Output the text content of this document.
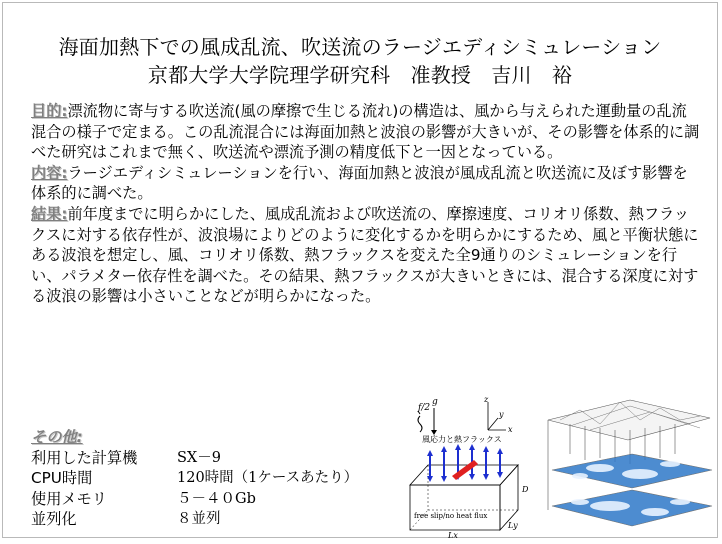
海面加熱下での風成乱流、吹送流のラージエディシミュレーション
京都大学大学院理学研究科　准教授　吉川　裕

目的:漂流物に寄与する吹送流(風の摩擦で生じる流れ)の構造は、風から与えられた運動量の乱流混合の様子で定まる。この乱流混合には海面加熱と波浪の影響が大きいが、その影響を体系的に調べた研究はこれまで無く、吹送流や漂流予測の精度低下と一因となっている。

内容:ラージエディシミュレーションを行い、海面加熱と波浪が風成乱流と吹送流に及ぼす影響を体系的に調べた。

結果:前年度までに明らかにした、風成乱流および吹送流の、摩擦速度、コリオリ係数、熱フラックスに対する依存性が、波浪場によりどのように変化するかを明らかにするため、風と平衡状態にある波浪を想定し、風、コリオリ係数、熱フラックスを変えた全9通りのシミュレーションを行い、パラメター依存性を調べた。その結果、熱フラックスが大きいときには、混合する深度に対する波浪の影響は小さいことなどが明らかになった。

その他:
利用した計算機	SX－9
CPU時間	120時間（1ケースあたり）
使用メモリ	５－４０Gb
並列化	８並列
f/2
g	z
x
y
風応力と熱フラックス
free slip/no heat flux
D
Ly
Lx
